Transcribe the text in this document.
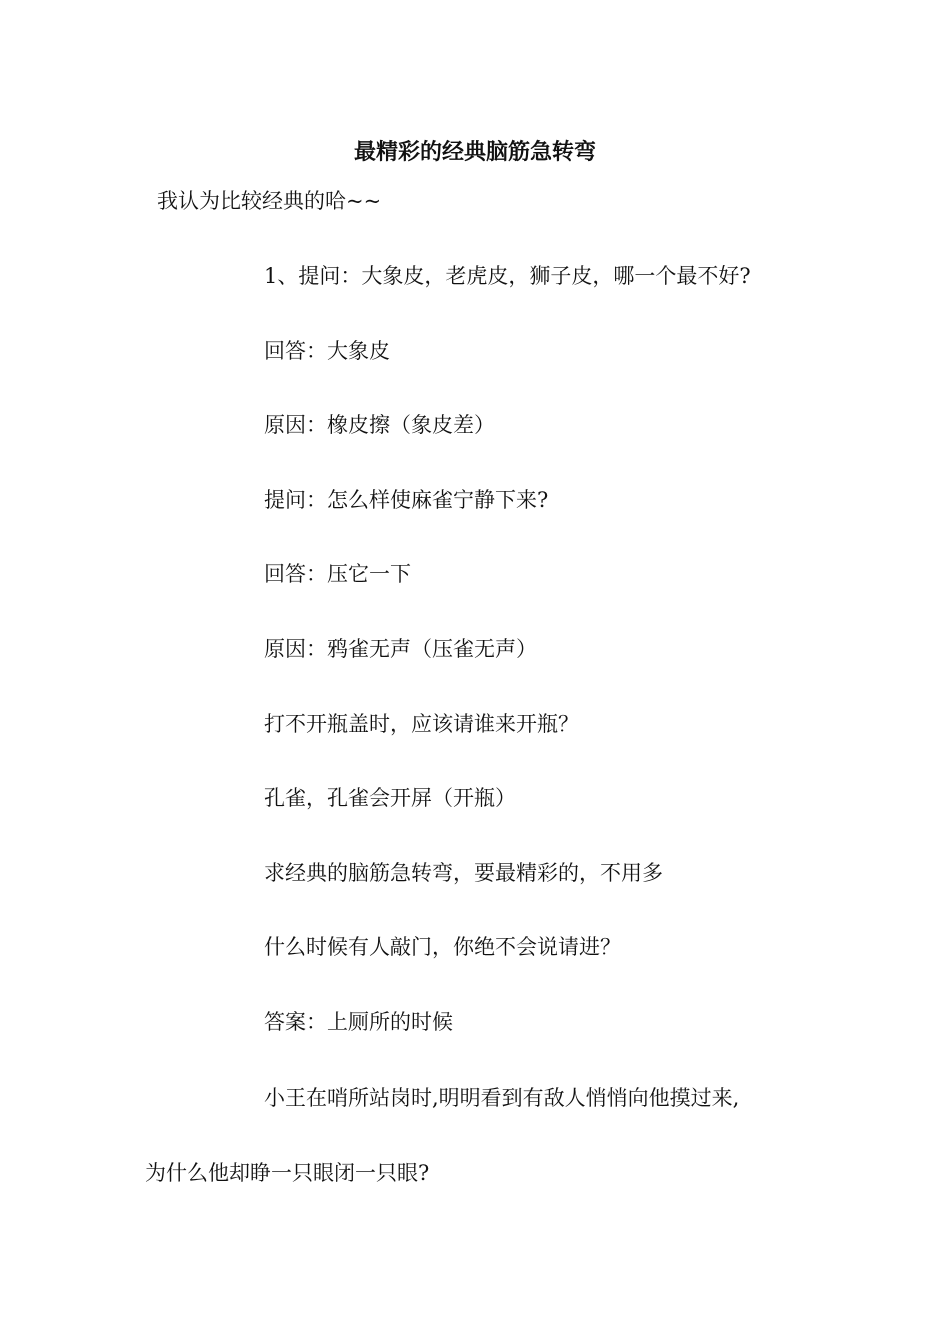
最精彩的经典脑筋急转弯
我认为比较经典的哈~~
1、提问：大象皮，老虎皮，狮子皮，哪一个最不好?
回答：大象皮
原因：橡皮擦（象皮差）
提问：怎么样使麻雀宁静下来?
回答：压它一下
原因：鸦雀无声（压雀无声）
打不开瓶盖时，应该请谁来开瓶？
孔雀，孔雀会开屏（开瓶）
求经典的脑筋急转弯，要最精彩的，不用多
什么时候有人敲门，你绝不会说请进？
答案：上厕所的时候
小王在哨所站岗时,明明看到有敌人悄悄向他摸过来,
为什么他却睁一只眼闭一只眼?
